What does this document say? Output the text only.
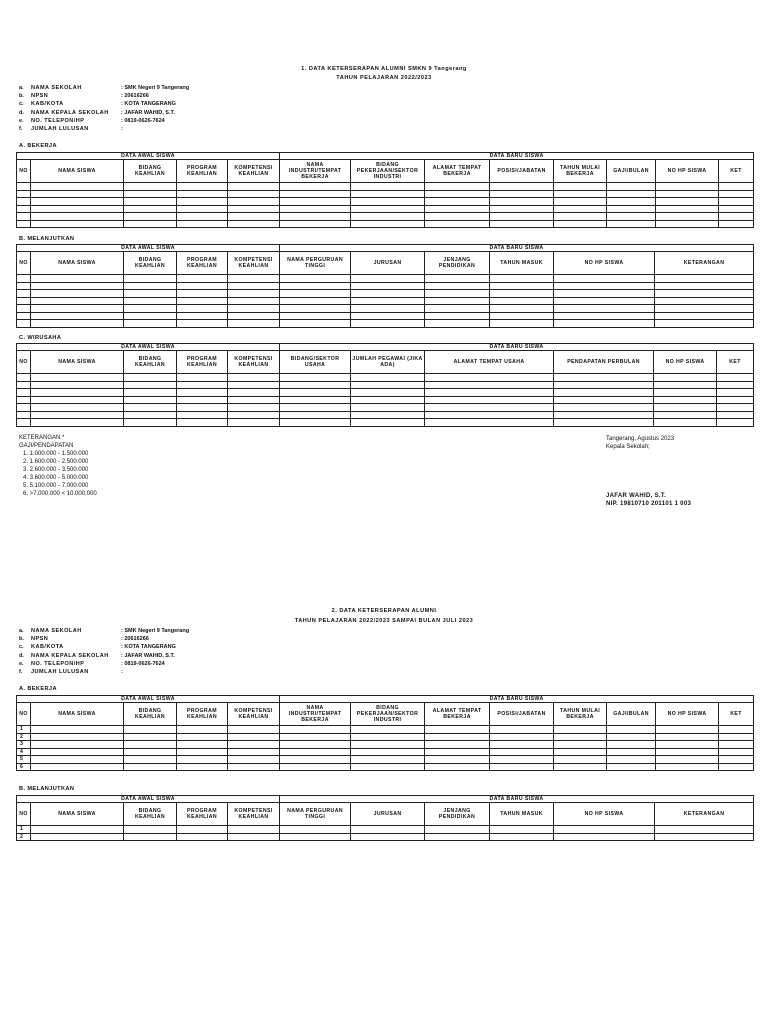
1. DATA KETERSERAPAN ALUMNI SMKN 9 Tangerang
TAHUN PELAJARAN 2022/2023
a.	NAMA SEKOLAH	: SMK Negeri 9 Tangerang
b.	NPSN	: 20616266
c.	KAB/KOTA	: KOTA TANGERANG
d.	NAMA KEPALA SEKOLAH	: JAFAR WAHID, S.T.
e.	NO. TELEPON/HP	: 0819-0626-7624
f.	JUMLAH LULUSAN	:
A. BEKERJA
DATA AWAL SISWA					DATA BARU SISWA							
NO	NAMA SISWA	BIDANG KEAHLIAN	PROGRAM KEAHLIAN	KOMPETENSI KEAHLIAN	NAMA INDUSTRI/TEMPAT BEKERJA	BIDANG PEKERJAAN/SEKTOR INDUSTRI	ALAMAT TEMPAT BEKERJA	POSISI/JABATAN	TAHUN MULAI BEKERJA	GAJI/BULAN	NO HP SISWA	KET

B. MELANJUTKAN
DATA AWAL SISWA					DATA BARU SISWA					
NO	NAMA SISWA	BIDANG KEAHLIAN	PROGRAM KEAHLIAN	KOMPETENSI KEAHLIAN	NAMA PERGURUAN TINGGI	JURUSAN	JENJANG PENDIDIKAN	TAHUN MASUK	NO HP SISWA	KETERANGAN

C. WIRUSAHA
DATA AWAL SISWA					DATA BARU SISWA					
NO	NAMA SISWA	BIDANG KEAHLIAN	PROGRAM KEAHLIAN	KOMPETENSI KEAHLIAN	BIDANG/SEKTOR USAHA	JUMLAH PEGAWAI (JIKA ADA)	ALAMAT TEMPAT USAHA	PENDAPATAN PERBULAN	NO HP SISWA	KET

KETERANGAN *
GAJI/PENDAPATAN
1. 1.000.000 - 1.500.000
2. 1.600.000 - 2.500.000
3. 2.600.000 - 3.500.000
4. 3.600.000 - 5.000.000
5. 5.100.000 - 7.000.000
6. >7.000.000 < 10.000.000
Tangerang, Agustus 2023
Kepala Sekolah;
JAFAR WAHID, S.T.
NIP. 19810710 201101 1 003
2. DATA KETERSERAPAN ALUMNI
TAHUN PELAJARAN 2022/2023 SAMPAI BULAN JULI 2023
a.	NAMA SEKOLAH	: SMK Negeri 9 Tangerang
b.	NPSN	: 20616266
c.	KAB/KOTA	: KOTA TANGERANG
d.	NAMA KEPALA SEKOLAH	: JAFAR WAHID, S.T.
e.	NO. TELEPON/HP	: 0819-0626-7624
f.	JUMLAH LULUSAN	:
A. BEKERJA
DATA AWAL SISWA					DATA BARU SISWA							
NO	NAMA SISWA	BIDANG KEAHLIAN	PROGRAM KEAHLIAN	KOMPETENSI KEAHLIAN	NAMA INDUSTRI/TEMPAT BEKERJA	BIDANG PEKERJAAN/SEKTOR INDUSTRI	ALAMAT TEMPAT BEKERJA	POSISI/JABATAN	TAHUN MULAI BEKERJA	GAJI/BULAN	NO HP SISWA	KET
1												
2												
3												
4												
5												
6												
B. MELANJUTKAN
DATA AWAL SISWA					DATA BARU SISWA					
NO	NAMA SISWA	BIDANG KEAHLIAN	PROGRAM KEAHLIAN	KOMPETENSI KEAHLIAN	NAMA PERGURUAN TINGGI	JURUSAN	JENJANG PENDIDIKAN	TAHUN MASUK	NO HP SISWA	KETERANGAN
1										
2										
